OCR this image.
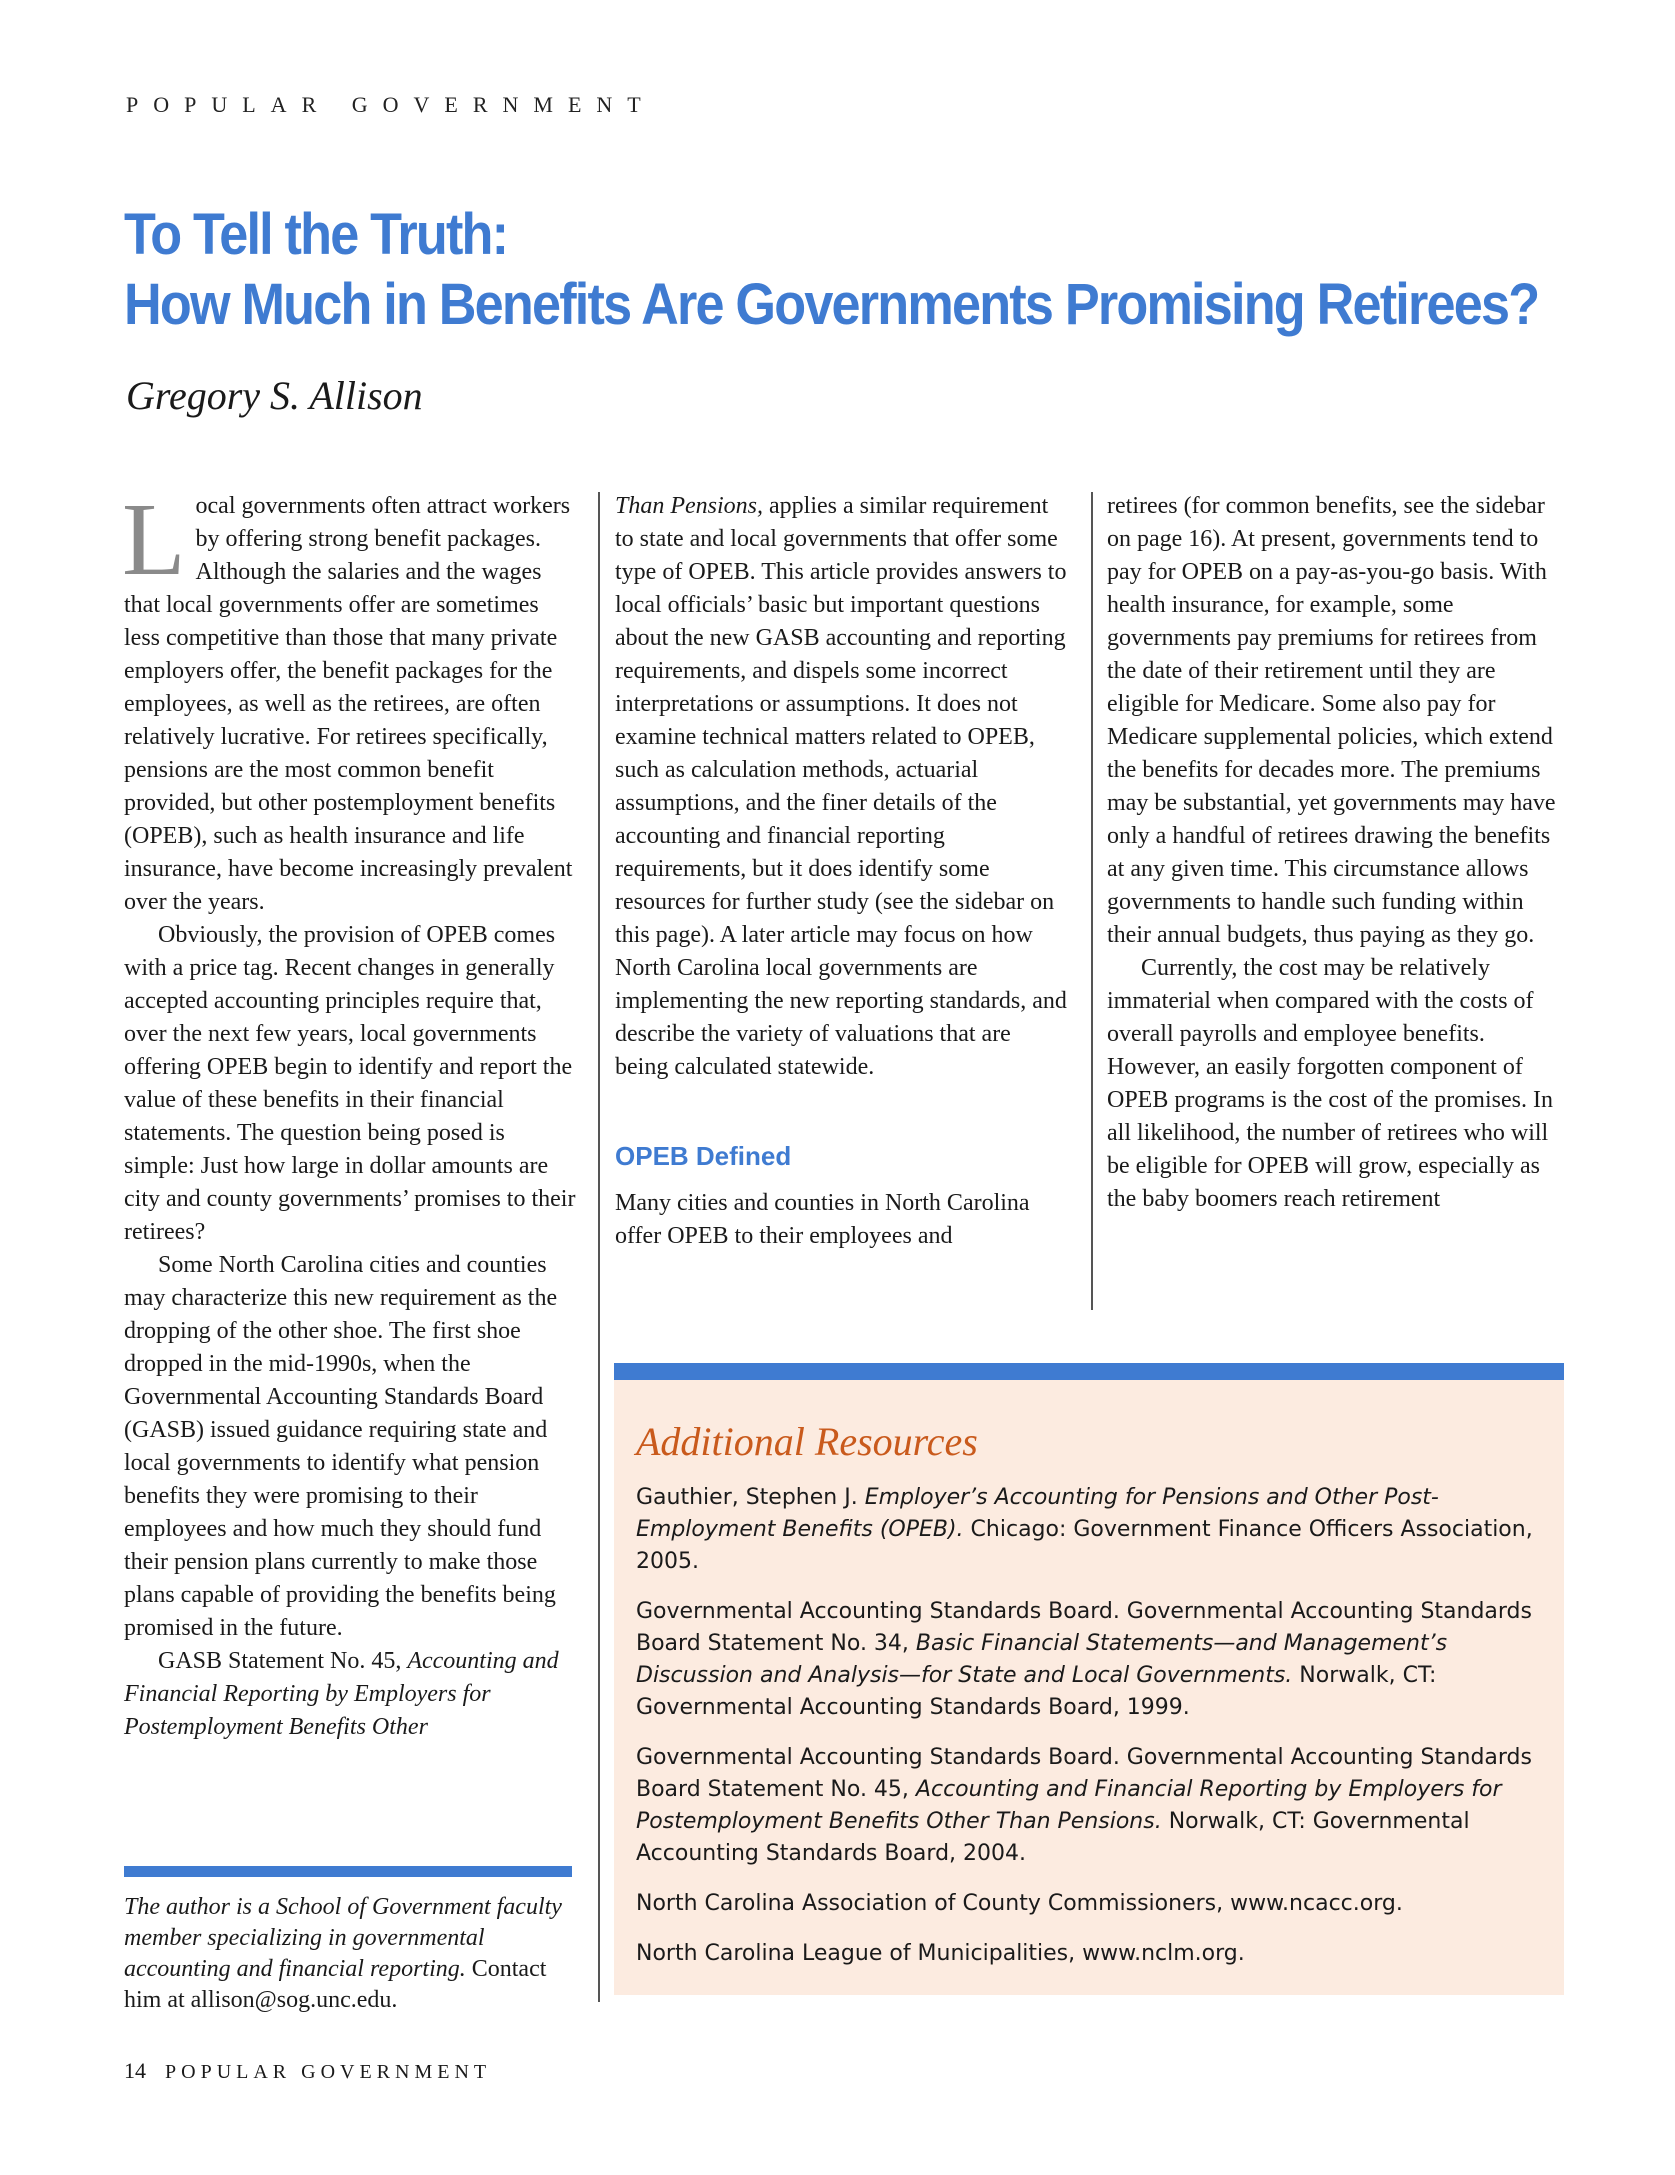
POPULAR GOVERNMENT
To Tell the Truth:
How Much in Benefits Are Governments Promising Retirees?
Gregory S. Allison

Local governments often attract workers by offering strong benefit packages. Although the salaries and the wages that local governments offer are sometimes less competitive than those that many private employers offer, the benefit packages for the employees, as well as the retirees, are often relatively lucrative. For retirees specifically, pensions are the most common benefit provided, but other postemployment benefits (OPEB), such as health insurance and life insurance, have become increasingly prevalent over the years.

Obviously, the provision of OPEB comes with a price tag. Recent changes in generally accepted accounting principles require that, over the next few years, local governments offering OPEB begin to identify and report the value of these benefits in their financial statements. The question being posed is simple: Just how large in dollar amounts are city and county governments’ promises to their retirees?

Some North Carolina cities and counties may characterize this new requirement as the dropping of the other shoe. The first shoe dropped in the mid-1990s, when the Governmental Accounting Standards Board (GASB) issued guidance requiring state and local governments to identify what pension benefits they were promising to their employees and how much they should fund their pension plans currently to make those plans capable of providing the benefits being promised in the future.

GASB Statement No. 45, Accounting and Financial Reporting by Employers for Postemployment Benefits Other

Than Pensions, applies a similar requirement to state and local governments that offer some type of OPEB. This article provides answers to local officials’ basic but important questions about the new GASB accounting and reporting requirements, and dispels some incorrect interpretations or assumptions. It does not examine technical matters related to OPEB, such as calculation methods, actuarial assumptions, and the finer details of the accounting and financial reporting requirements, but it does identify some resources for further study (see the sidebar on this page). A later article may focus on how North Carolina local governments are implementing the new reporting standards, and describe the variety of valuations that are being calculated statewide.

OPEB Defined

Many cities and counties in North Carolina offer OPEB to their employees and

retirees (for common benefits, see the sidebar on page 16). At present, governments tend to pay for OPEB on a pay-as-you-go basis. With health insurance, for example, some governments pay premiums for retirees from the date of their retirement until they are eligible for Medicare. Some also pay for Medicare supplemental policies, which extend the benefits for decades more. The premiums may be substantial, yet governments may have only a handful of retirees drawing the benefits at any given time. This circumstance allows governments to handle such funding within their annual budgets, thus paying as they go.

Currently, the cost may be relatively immaterial when compared with the costs of overall payrolls and employee benefits. However, an easily forgotten component of OPEB programs is the cost of the promises. In all likelihood, the number of retirees who will be eligible for OPEB will grow, especially as the baby boomers reach retirement

The author is a School of Government faculty member specializing in governmental accounting and financial reporting. Contact him at allison@sog.unc.edu.
Additional Resources

Gauthier, Stephen J. Employer’s Accounting for Pensions and Other Post-Employment Benefits (OPEB). Chicago: Government Finance Officers Association, 2005.

Governmental Accounting Standards Board. Governmental Accounting Standards Board Statement No. 34, Basic Financial Statements—and Management’s Discussion and Analysis—for State and Local Governments. Norwalk, CT: Governmental Accounting Standards Board, 1999.

Governmental Accounting Standards Board. Governmental Accounting Standards Board Statement No. 45, Accounting and Financial Reporting by Employers for Postemployment Benefits Other Than Pensions. Norwalk, CT: Governmental Accounting Standards Board, 2004.

North Carolina Association of County Commissioners, www.ncacc.org.

North Carolina League of Municipalities, www.nclm.org.

14 POPULAR GOVERNMENT
